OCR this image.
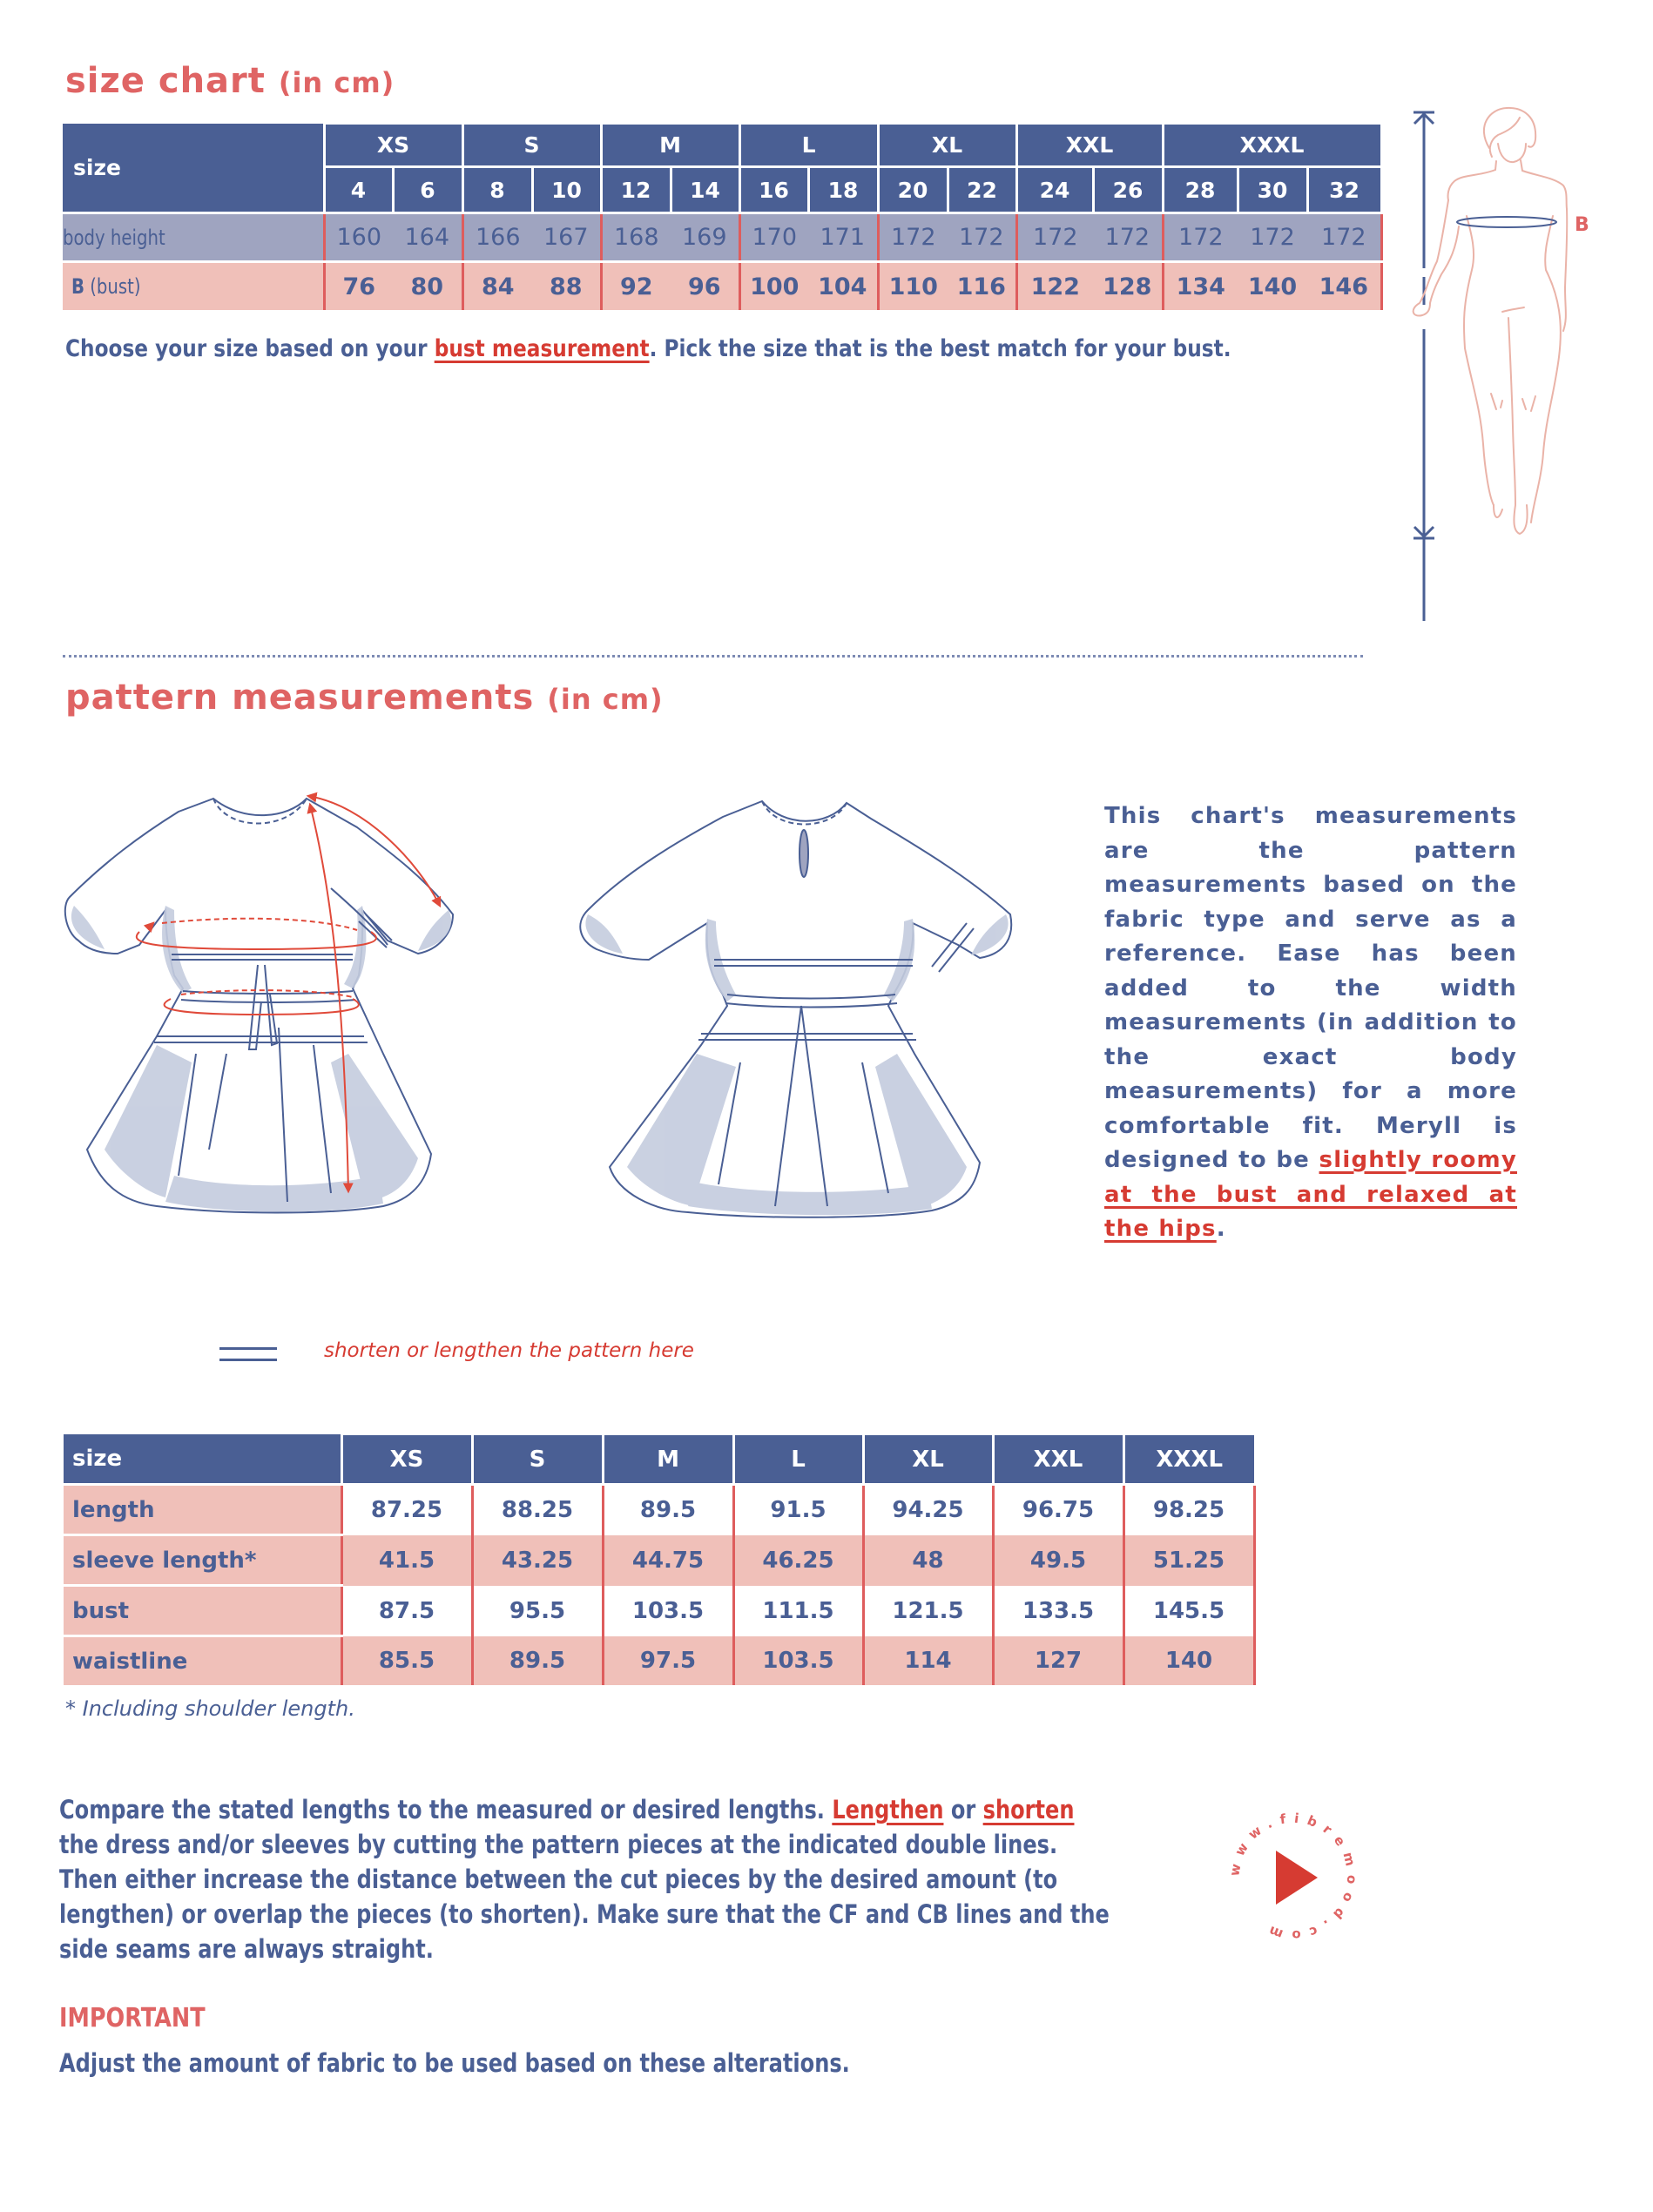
size chart (in cm)
size	XS		S		M		L		XL		XXL		XXXL		
	4	6	8	10	12	14	16	18	20	22	24	26	28	30	32
body height	160	164	166	167	168	169	170	171	172	172	172	172	172	172	172
B (bust)	76	80	84	88	92	96	100	104	110	116	122	128	134	140	146
Choose your size based on your bust measurement. Pick the size that is the best match for your bust.
B
pattern measurements (in cm)
This chart's measurements are the pattern measurements based on the fabric type and serve as a reference. Ease has been added to the width measurements (in addition to the exact body measurements) for a more comfortable fit. Meryll is designed to be slightly roomy at the bust and relaxed at the hips.
shorten or lengthen the pattern here
size	XS	S	M	L	XL	XXL	XXXL
length	87.25	88.25	89.5	91.5	94.25	96.75	98.25
sleeve length*	41.5	43.25	44.75	46.25	48	49.5	51.25
bust	87.5	95.5	103.5	111.5	121.5	133.5	145.5
waistline	85.5	89.5	97.5	103.5	114	127	140
* Including shoulder length.
Compare the stated lengths to the measured or desired lengths. Lengthen or shorten
the dress and/or sleeves by cutting the pattern pieces at the indicated double lines.
Then either increase the distance between the cut pieces by the desired amount (to
lengthen) or overlap the pieces (to shorten). Make sure that the CF and CB lines and the
side seams are always straight.
IMPORTANT
Adjust the amount of fabric to be used based on these alterations.
www.fibremood.com
